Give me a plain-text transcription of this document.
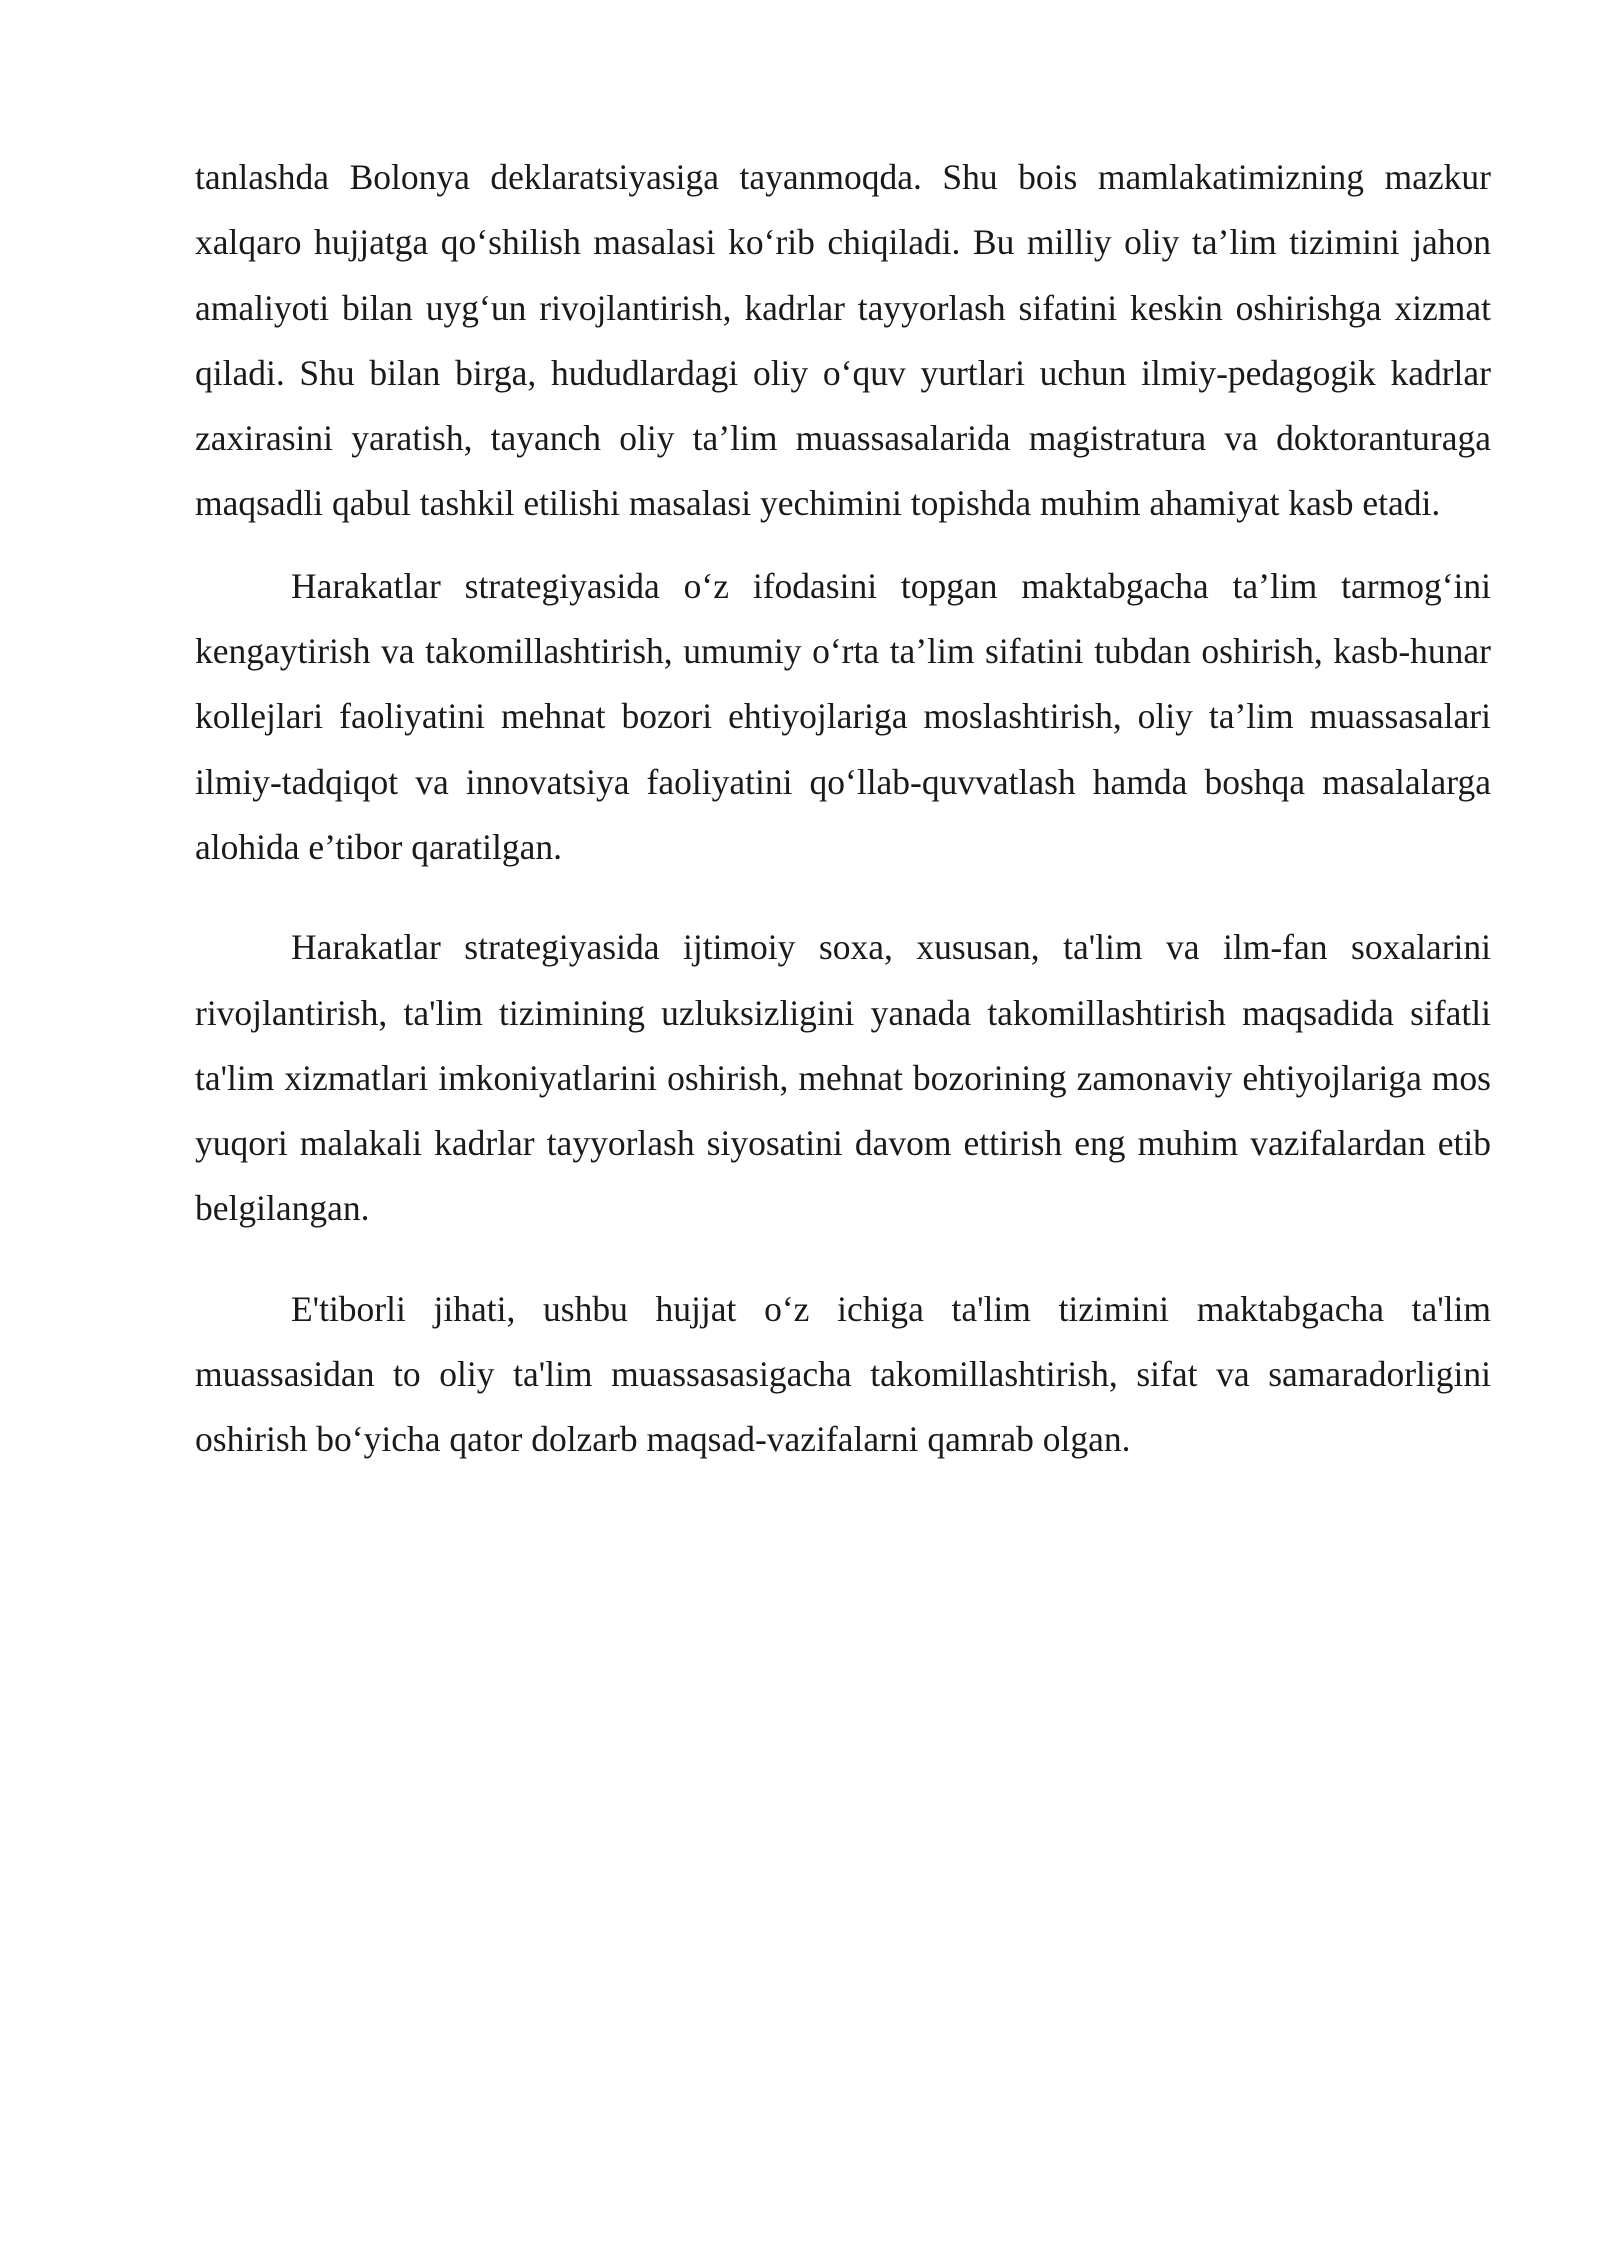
tanlashda Bolonya deklaratsiyasiga tayanmoqda. Shu bois mamlakatimizning mazkur xalqaro hujjatga qo‘shilish masalasi ko‘rib chiqiladi. Bu milliy oliy ta’lim tizimini jahon amaliyoti bilan uyg‘un rivojlantirish, kadrlar tayyorlash sifatini keskin oshirishga xizmat qiladi. Shu bilan birga, hududlardagi oliy o‘quv yurtlari uchun ilmiy-pedagogik kadrlar zaxirasini yaratish, tayanch oliy ta’lim muassasalarida magistratura va doktoranturaga maqsadli qabul tashkil etilishi masalasi yechimini topishda muhim ahamiyat kasb etadi.

Harakatlar strategiyasida o‘z ifodasini topgan maktabgacha ta’lim tarmog‘ini kengaytirish va takomillashtirish, umumiy o‘rta ta’lim sifatini tubdan oshirish, kasb-hunar kollejlari faoliyatini mehnat bozori ehtiyojlariga moslashtirish, oliy ta’lim muassasalari ilmiy-tadqiqot va innovatsiya faoliyatini qo‘llab-quvvatlash hamda boshqa masalalarga alohida e’tibor qaratilgan.

Harakatlar strategiyasida ijtimoiy soxa, xususan, ta'lim va ilm-fan soxalarini rivojlantirish, ta'lim tizimining uzluksizligini yanada takomillashtirish maqsadida sifatli ta'lim xizmatlari imkoniyatlarini oshirish, mehnat bozorining zamonaviy ehtiyojlariga mos yuqori malakali kadrlar tayyorlash siyosatini davom ettirish eng muhim vazifalardan etib belgilangan.

E'tiborli jihati, ushbu hujjat o‘z ichiga ta'lim tizimini maktabgacha ta'lim muassasidan to oliy ta'lim muassasasigacha takomillashtirish, sifat va samaradorligini oshirish bo‘yicha qator dolzarb maqsad-vazifalarni qamrab olgan.
